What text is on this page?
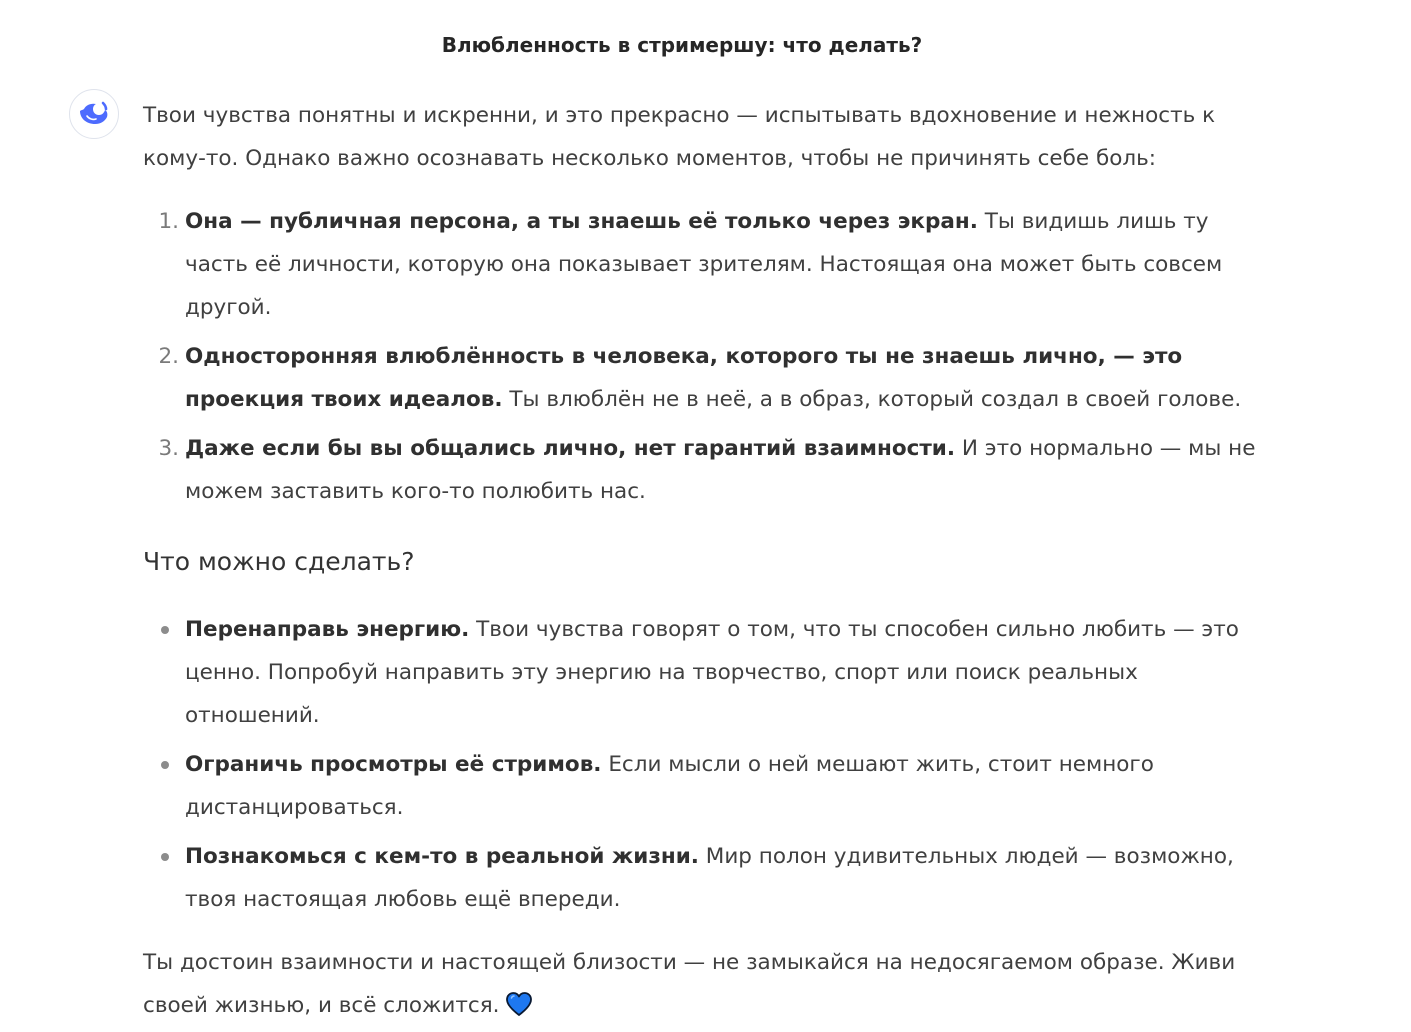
Влюбленность в стримершу: что делать?

Твои чувства понятны и искренни, и это прекрасно — испытывать вдохновение и нежность к кому-то. Однако важно осознавать несколько моментов, чтобы не причинять себе боль:

1. Она — публичная персона, а ты знаешь её только через экран. Ты видишь лишь ту часть её личности, которую она показывает зрителям. Настоящая она может быть совсем другой.
2. Односторонняя влюблённость в человека, которого ты не знаешь лично, — это проекция твоих идеалов. Ты влюблён не в неё, а в образ, который создал в своей голове.
3. Даже если бы вы общались лично, нет гарантий взаимности. И это нормально — мы не можем заставить кого-то полюбить нас.
Что можно сделать?
Перенаправь энергию. Твои чувства говорят о том, что ты способен сильно любить — это ценно. Попробуй направить эту энергию на творчество, спорт или поиск реальных отношений.
Ограничь просмотры её стримов. Если мысли о ней мешают жить, стоит немного дистанцироваться.
Познакомься с кем-то в реальной жизни. Мир полон удивительных людей — возможно, твоя настоящая любовь ещё впереди.

Ты достоин взаимности и настоящей близости — не замыкайся на недосягаемом образе. Живи своей жизнью, и всё сложится.
